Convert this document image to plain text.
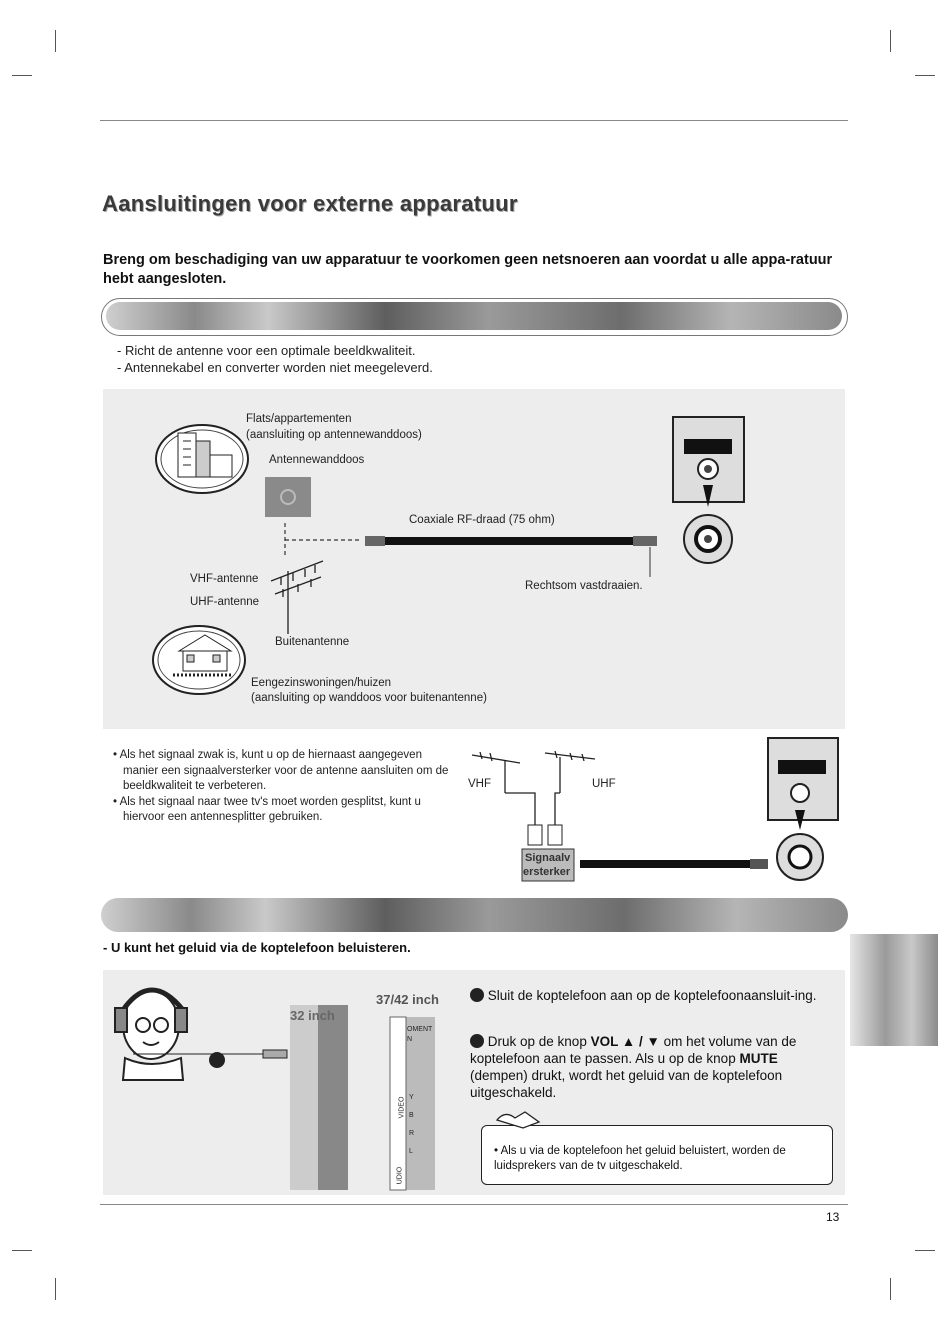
Aansluitingen voor externe apparatuur
Breng om beschadiging van uw apparatuur te voorkomen geen netsnoeren aan voordat u alle appa-ratuur hebt aangesloten.
- Richt de antenne voor een optimale beeldkwaliteit.
- Antennekabel en converter worden niet meegeleverd.
Flats/appartementen
(aansluiting op antennewanddoos)
Antennewanddoos
Coaxiale RF-draad (75 ohm)
VHF-antenne
UHF-antenne
Rechtsom vastdraaien.
Buitenantenne
Eengezinswoningen/huizen
(aansluiting op wanddoos voor buitenantenne)
• Als het signaal zwak is, kunt u op de hiernaast aangegeven manier een signaalversterker voor de antenne aansluiten om de beeldkwaliteit te verbeteren.
• Als het signaal naar twee tv's moet worden gesplitst, kunt u hiervoor een antennesplitter gebruiken.
VHF	UHF
Signaalv
ersterker
- U kunt het geluid via de koptelefoon beluisteren.
32 inch
37/42 inch
OMENT
N
VIDEO
UDIO
Y
B
R
L
Sluit de koptelefoon aan op de koptelefoonaansluit-ing.
Druk op de knop VOL ▲ / ▼ om het volume van de koptelefoon aan te passen. Als u op de knop MUTE (dempen) drukt, wordt het geluid van de koptelefoon uitgeschakeld.
• Als u via de koptelefoon het geluid beluistert, worden de luidsprekers van de tv uitgeschakeld.
13
